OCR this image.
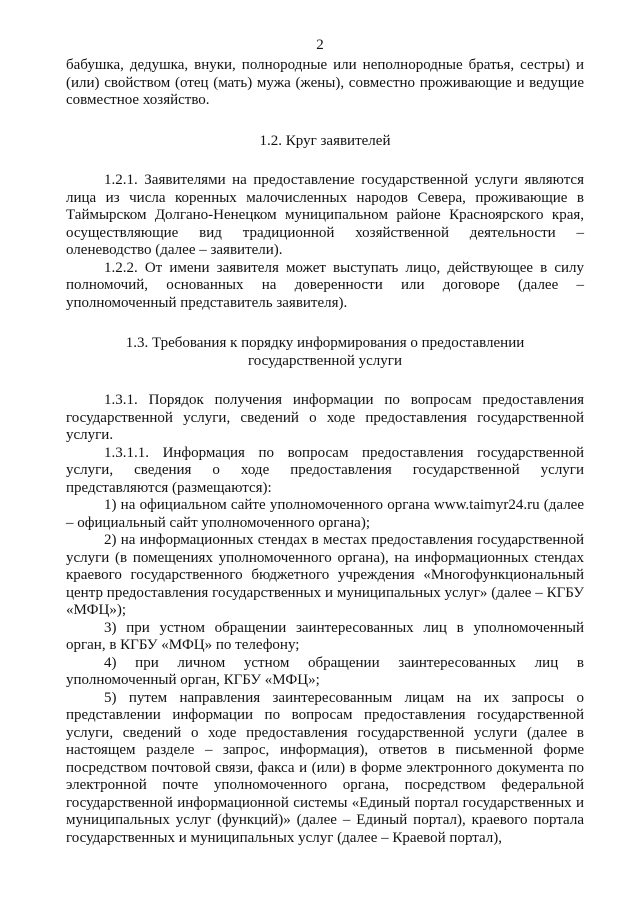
2

бабушка, дедушка, внуки, полнородные или неполнородные братья, сестры) и (или) свойством (отец (мать) мужа (жены), совместно проживающие и ведущие совместное хозяйство.

1.2. Круг заявителей

1.2.1. Заявителями на предоставление государственной услуги являются лица из числа коренных малочисленных народов Севера, проживающие в Таймырском Долгано-Ненецком муниципальном районе Красноярского края, осуществляющие вид традиционной хозяйственной деятельности – оленеводство (далее – заявители).

1.2.2. От имени заявителя может выступать лицо, действующее в силу полномочий, основанных на доверенности или договоре (далее – уполномоченный представитель заявителя).

1.3. Требования к порядку информирования о предоставлении

государственной услуги

1.3.1. Порядок получения информации по вопросам предоставления государственной услуги, сведений о ходе предоставления государственной услуги.

1.3.1.1. Информация по вопросам предоставления государственной услуги, сведения о ходе предоставления государственной услуги представляются (размещаются):

1) на официальном сайте уполномоченного органа www.taimyr24.ru (далее – официальный сайт уполномоченного органа);

2) на информационных стендах в местах предоставления государственной услуги (в помещениях уполномоченного органа), на информационных стендах краевого государственного бюджетного учреждения «Многофункциональный центр предоставления государственных и муниципальных услуг» (далее – КГБУ «МФЦ»);

3) при устном обращении заинтересованных лиц в уполномоченный орган, в КГБУ «МФЦ» по телефону;

4) при личном устном обращении заинтересованных лиц в уполномоченный орган, КГБУ «МФЦ»;

5) путем направления заинтересованным лицам на их запросы о представлении информации по вопросам предоставления государственной услуги, сведений о ходе предоставления государственной услуги (далее в настоящем разделе – запрос, информация), ответов в письменной форме посредством почтовой связи, факса и (или) в форме электронного документа по электронной почте уполномоченного органа, посредством федеральной государственной информационной системы «Единый портал государственных и муниципальных услуг (функций)» (далее – Единый портал), краевого портала государственных и муниципальных услуг (далее – Краевой портал),
